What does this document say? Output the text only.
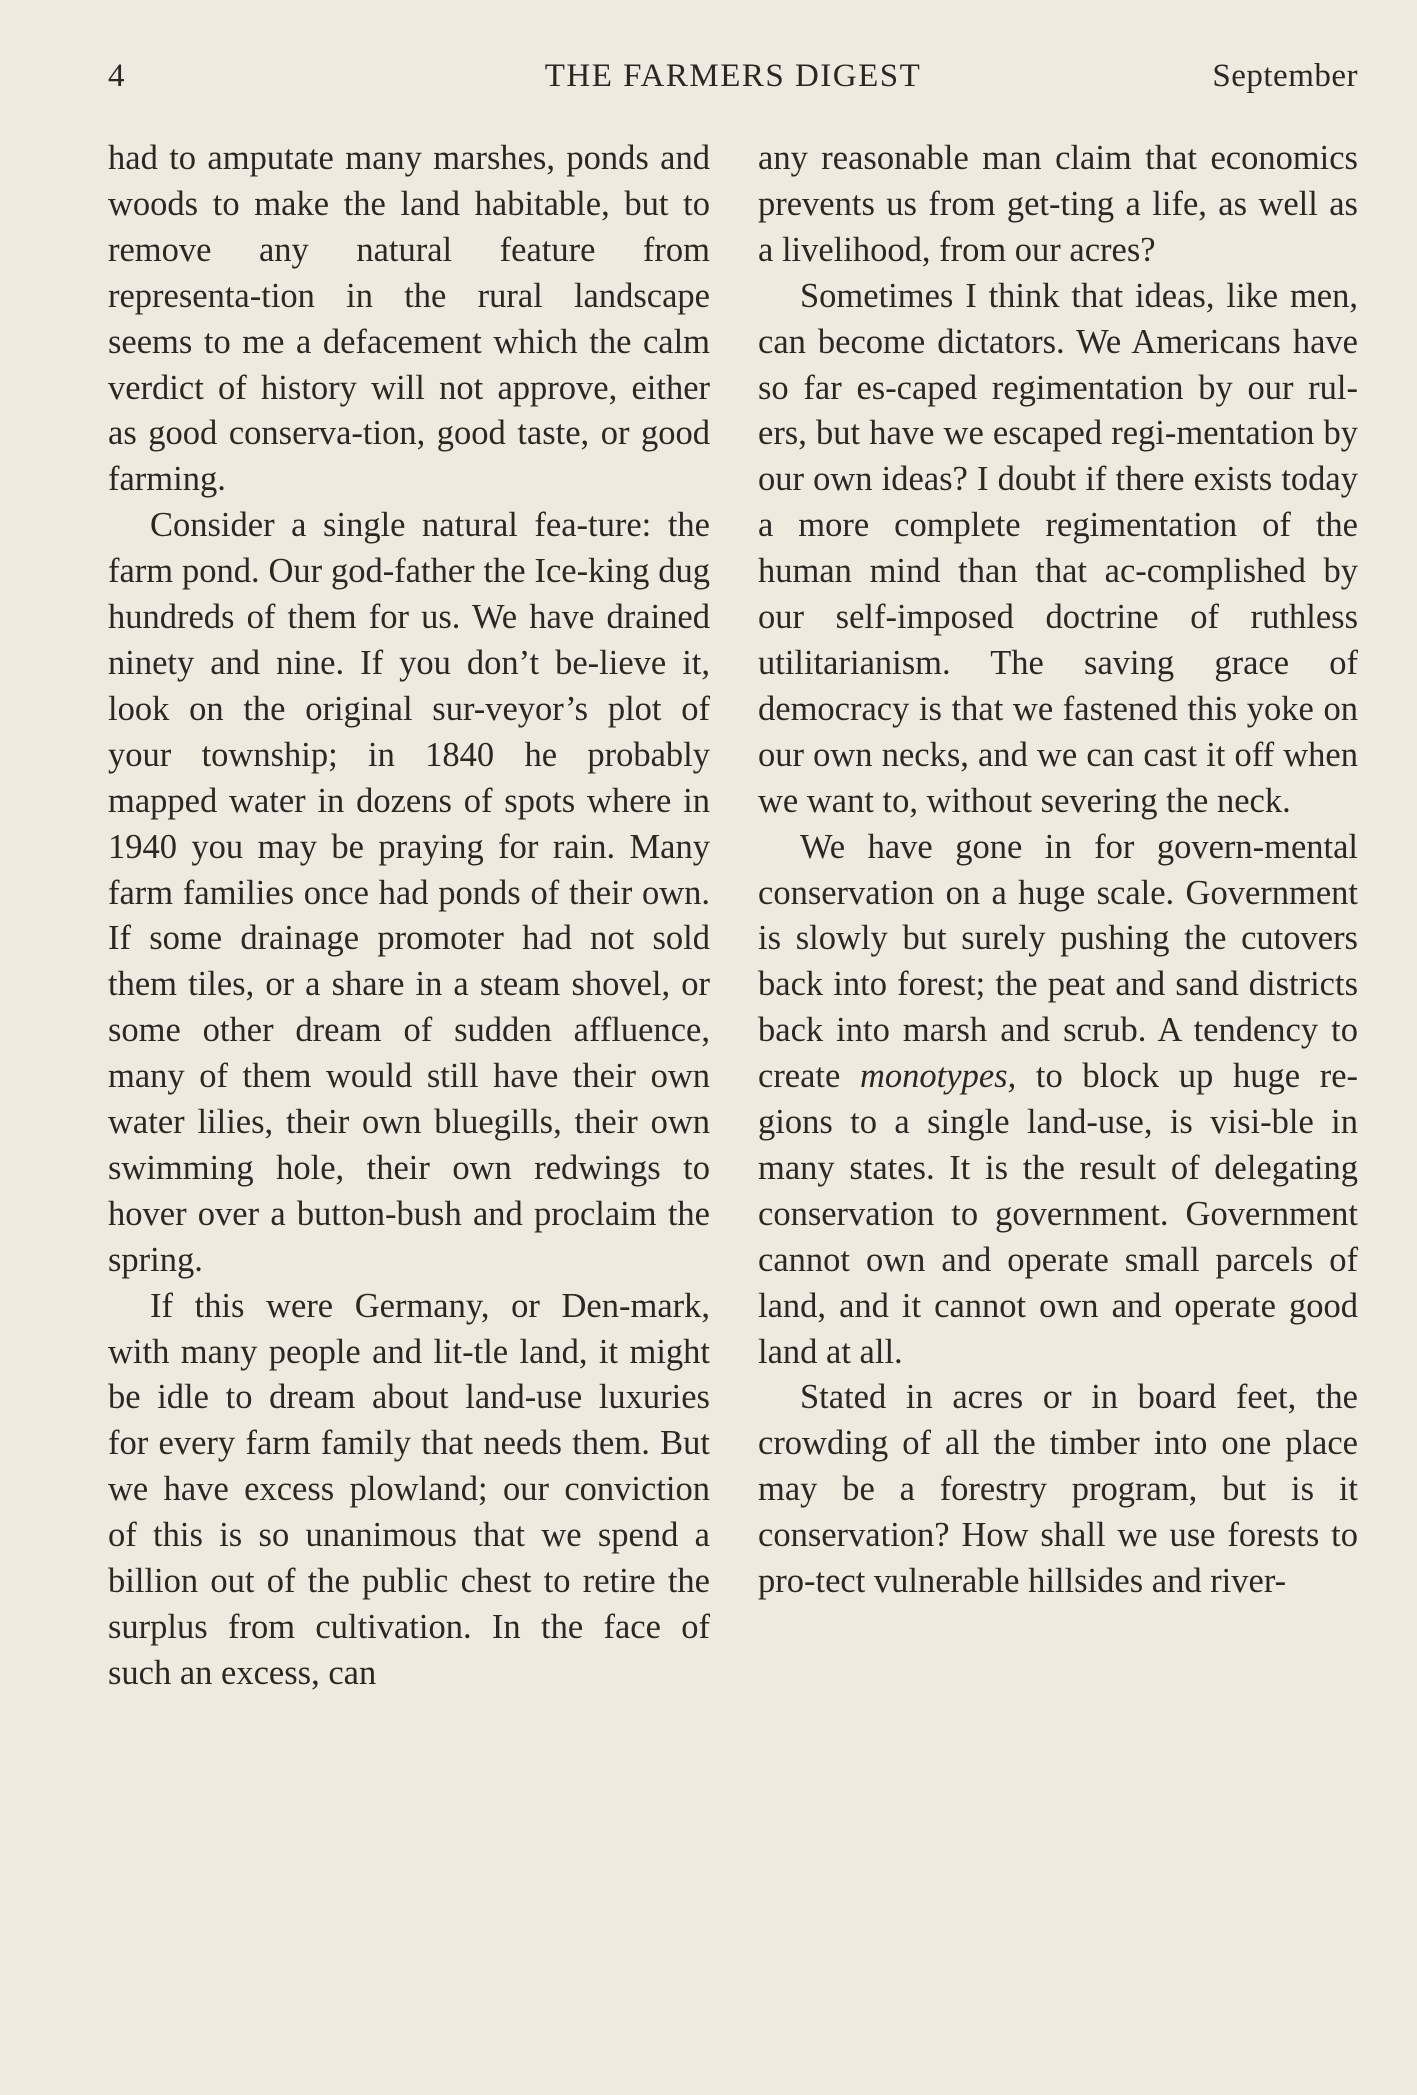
4	THE FARMERS DIGEST	September

had to amputate many marshes, ponds and woods to make the land habitable, but to remove any natural feature from representa-tion in the rural landscape seems to me a defacement which the calm verdict of history will not approve, either as good conserva-tion, good taste, or good farming.

Consider a single natural fea-ture: the farm pond. Our god-father the Ice-king dug hundreds of them for us. We have drained ninety and nine. If you don’t be-lieve it, look on the original sur-veyor’s plot of your township; in 1840 he probably mapped water in dozens of spots where in 1940 you may be praying for rain. Many farm families once had ponds of their own. If some drainage promoter had not sold them tiles, or a share in a steam shovel, or some other dream of sudden affluence, many of them would still have their own water lilies, their own bluegills, their own swimming hole, their own redwings to hover over a button-bush and proclaim the spring.

If this were Germany, or Den-mark, with many people and lit-tle land, it might be idle to dream about land-use luxuries for every farm family that needs them. But we have excess plowland; our conviction of this is so unanimous that we spend a billion out of the public chest to retire the surplus from cultivation. In the face of such an excess, can

any reasonable man claim that economics prevents us from get-ting a life, as well as a livelihood, from our acres?

Sometimes I think that ideas, like men, can become dictators. We Americans have so far es-caped regimentation by our rul-ers, but have we escaped regi-mentation by our own ideas? I doubt if there exists today a more complete regimentation of the human mind than that ac-complished by our self-imposed doctrine of ruthless utilitarianism. The saving grace of democracy is that we fastened this yoke on our own necks, and we can cast it off when we want to, without severing the neck.

We have gone in for govern-mental conservation on a huge scale. Government is slowly but surely pushing the cutovers back into forest; the peat and sand districts back into marsh and scrub. A tendency to create monotypes, to block up huge re-gions to a single land-use, is visi-ble in many states. It is the result of delegating conservation to government. Government cannot own and operate small parcels of land, and it cannot own and operate good land at all.

Stated in acres or in board feet, the crowding of all the timber into one place may be a forestry program, but is it conservation? How shall we use forests to pro-tect vulnerable hillsides and river-
